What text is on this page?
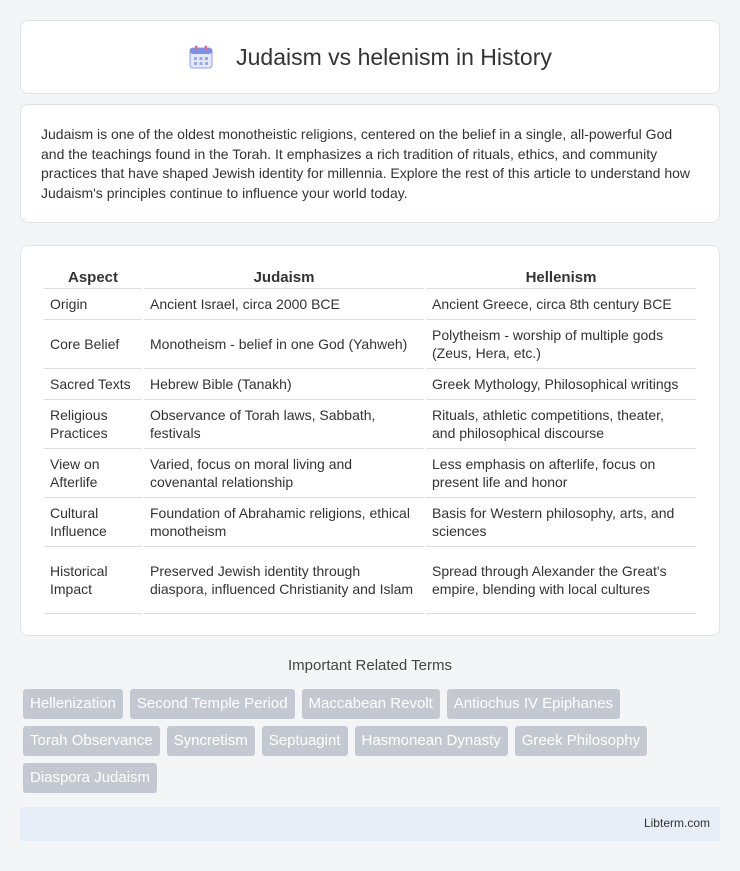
Judaism vs helenism in History

Judaism is one of the oldest monotheistic religions, centered on the belief in a single, all-powerful God and the teachings found in the Torah. It emphasizes a rich tradition of rituals, ethics, and community practices that have shaped Jewish identity for millennia. Explore the rest of this article to understand how Judaism's principles continue to influence your world today.

Aspect	Judaism	Hellenism
Origin	Ancient Israel, circa 2000 BCE	Ancient Greece, circa 8th century BCE
Core Belief	Monotheism - belief in one God (Yahweh)	Polytheism - worship of multiple gods (Zeus, Hera, etc.)
Sacred Texts	Hebrew Bible (Tanakh)	Greek Mythology, Philosophical writings
Religious Practices	Observance of Torah laws, Sabbath, festivals	Rituals, athletic competitions, theater, and philosophical discourse
View on Afterlife	Varied, focus on moral living and covenantal relationship	Less emphasis on afterlife, focus on present life and honor
Cultural Influence	Foundation of Abrahamic religions, ethical monotheism	Basis for Western philosophy, arts, and sciences
Historical Impact	Preserved Jewish identity through diaspora, influenced Christianity and Islam	Spread through Alexander the Great's empire, blending with local cultures
Important Related Terms
Hellenization	Second Temple Period	Maccabean Revolt	Antiochus IV Epiphanes
Torah Observance	Syncretism	Septuagint	Hasmonean Dynasty	Greek Philosophy
Diaspora Judaism
Libterm.com
